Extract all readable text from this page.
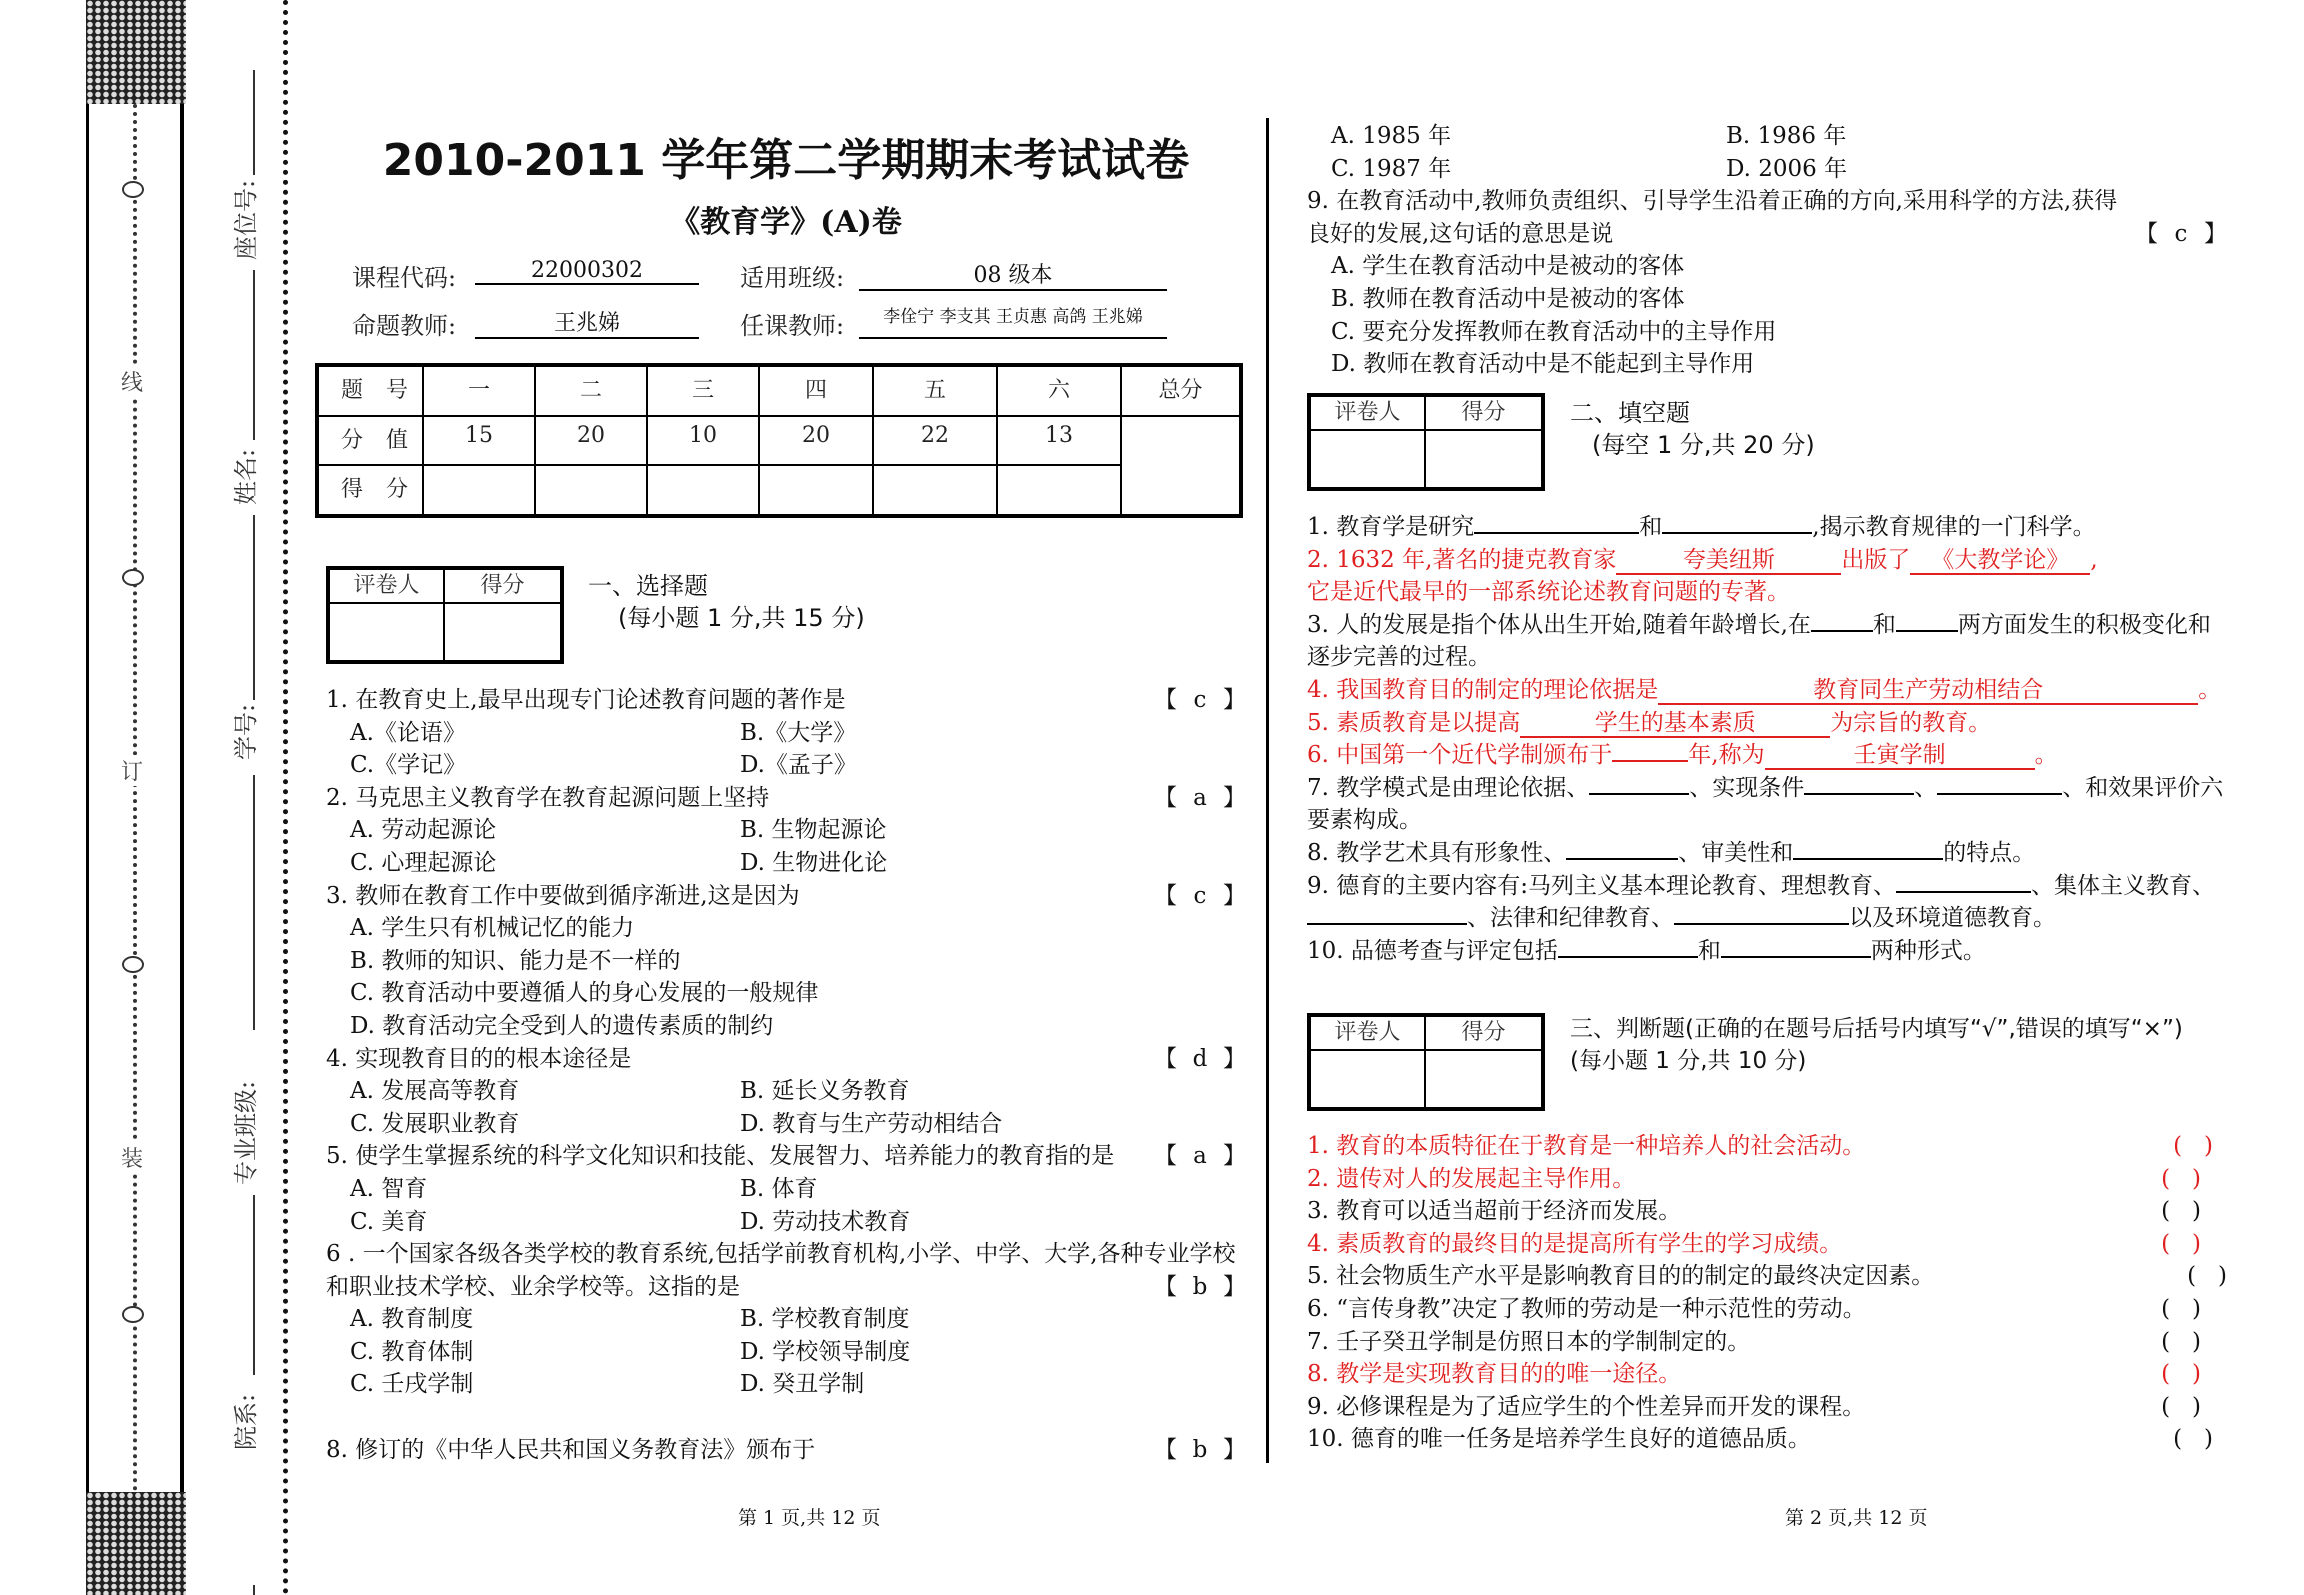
线
订
装
座位号:
姓名:
学号:
专业班级:
院系:
2010-2011 学年第二学期期末考试试卷
《教育学》(A)卷
课程代码:	22000302	适用班级:	08 级本
命题教师:	王兆娣	任课教师:	李佺宁 李支其 王贞惠 高鸽 王兆娣
题 号	一	二	三	四	五	六	总分
分 值	15	20	10	20	22	13	
得 分							
评卷人	得分	一、选择题
(每小题 1 分,共 15 分)
1. 在教育史上,最早出现专门论述教育问题的著作是	【 c 】
A.《论语》	B.《大学》
C.《学记》	D.《孟子》
2. 马克思主义教育学在教育起源问题上坚持	【 a 】
A. 劳动起源论	B. 生物起源论
C. 心理起源论	D. 生物进化论
3. 教师在教育工作中要做到循序渐进,这是因为	【 c 】
A. 学生只有机械记忆的能力
B. 教师的知识、能力是不一样的
C. 教育活动中要遵循人的身心发展的一般规律
D. 教育活动完全受到人的遗传素质的制约
4. 实现教育目的的根本途径是	【 d 】
A. 发展高等教育	B. 延长义务教育
C. 发展职业教育	D. 教育与生产劳动相结合
5. 使学生掌握系统的科学文化知识和技能、发展智力、培养能力的教育指的是 【 a 】
A. 智育	B. 体育
C. 美育	D. 劳动技术教育
6 . 一个国家各级各类学校的教育系统,包括学前教育机构,小学、中学、大学,各种专业学校和职业技术学校、业余学校等。这指的是	【 b 】
A. 教育制度	B. 学校教育制度
C. 教育体制	D. 学校领导制度
C. 壬戌学制	D. 癸丑学制
8. 修订的《中华人民共和国义务教育法》颁布于	【 b 】
第 1 页,共 12 页
A. 1985 年	B. 1986 年
C. 1987 年	D. 2006 年
9. 在教育活动中,教师负责组织、引导学生沿着正确的方向,采用科学的方法,获得良好的发展,这句话的意思是说	【 c 】
A. 学生在教育活动中是被动的客体
B. 教师在教育活动中是被动的客体
C. 要充分发挥教师在教育活动中的主导作用
D. 教师在教育活动中是不能起到主导作用
评卷人	得分	二、填空题
(每空 1 分,共 20 分)
1. 教育学是研究	和	,揭示教育规律的一门科学。
2. 1632 年,著名的捷克教育家	夸美纽斯	出版了 《大教学论》 ,
它是近代最早的一部系统论述教育问题的专著。
3. 人的发展是指个体从出生开始,随着年龄增长,在	和	两方面发生的积极变化和逐步完善的过程。
4. 我国教育目的制定的理论依据是	教育同生产劳动相结合	。
5. 素质教育是以提高	学生的基本素质	为宗旨的教育。
6. 中国第一个近代学制颁布于	年,称为	壬寅学制	。
7. 教学模式是由理论依据、	、实现条件	、	、和效果评价六要素构成。
8. 教学艺术具有形象性、	、审美性和	的特点。
9. 德育的主要内容有:马列主义基本理论教育、理想教育、	、集体主义教育、、法律和纪律教育、	以及环境道德教育。
10. 品德考查与评定包括	和	两种形式。
评卷人	得分	三、判断题(正确的在题号后括号内填写“√”,错误的填写“×”)(每小题 1 分,共 10 分)
1. 教育的本质特征在于教育是一种培养人的社会活动。	(   )
2. 遗传对人的发展起主导作用。	(   )
3. 教育可以适当超前于经济而发展。	(   )
4. 素质教育的最终目的是提高所有学生的学习成绩。	(   )
5. 社会物质生产水平是影响教育目的的制定的最终决定因素。	(   )
6. “言传身教”决定了教师的劳动是一种示范性的劳动。	(   )
7. 壬子癸丑学制是仿照日本的学制制定的。	(   )
8. 教学是实现教育目的的唯一途径。	(   )
9. 必修课程是为了适应学生的个性差异而开发的课程。	(   )
10. 德育的唯一任务是培养学生良好的道德品质。	(   )
第 2 页,共 12 页
